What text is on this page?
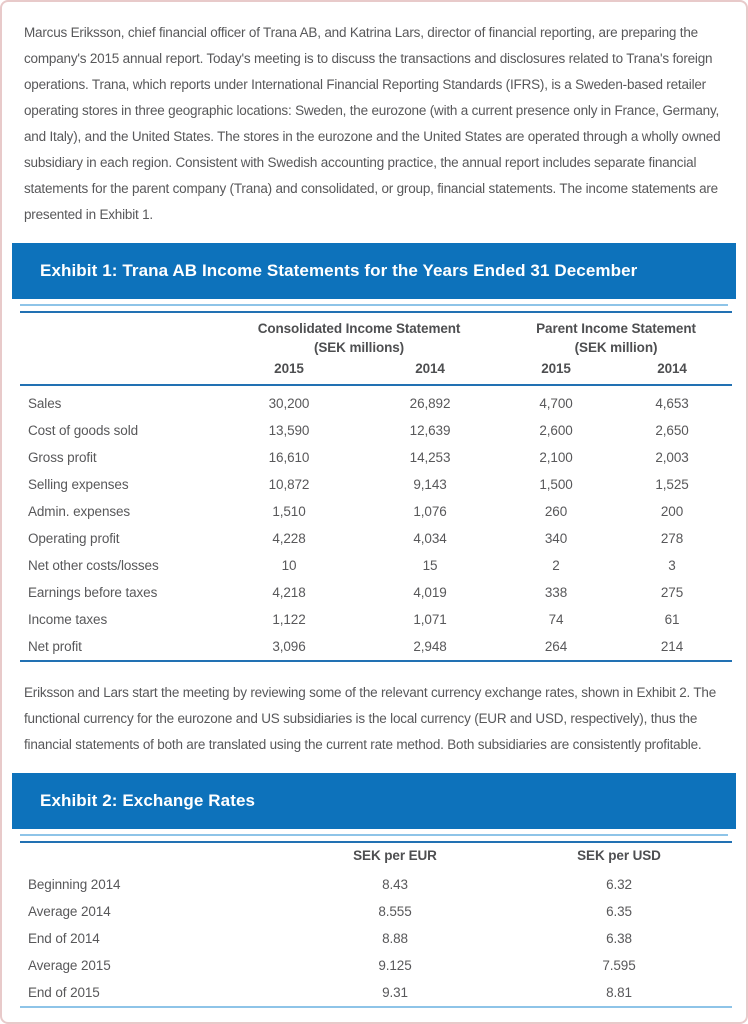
Marcus Eriksson, chief financial officer of Trana AB, and Katrina Lars, director of financial reporting, are preparing the company's 2015 annual report. Today's meeting is to discuss the transactions and disclosures related to Trana's foreign operations. Trana, which reports under International Financial Reporting Standards (IFRS), is a Sweden-based retailer operating stores in three geographic locations: Sweden, the eurozone (with a current presence only in France, Germany, and Italy), and the United States. The stores in the eurozone and the United States are operated through a wholly owned subsidiary in each region. Consistent with Swedish accounting practice, the annual report includes separate financial statements for the parent company (Trana) and consolidated, or group, financial statements. The income statements are presented in Exhibit 1.

Exhibit 1: Trana AB Income Statements for the Years Ended 31 December
	Consolidated Income Statement		Parent Income Statement	
	(SEK millions)		(SEK million)	
	2015	2014	2015	2014
Sales	30,200	26,892	4,700	4,653
Cost of goods sold	13,590	12,639	2,600	2,650
Gross profit	16,610	14,253	2,100	2,003
Selling expenses	10,872	9,143	1,500	1,525
Admin. expenses	1,510	1,076	260	200
Operating profit	4,228	4,034	340	278
Net other costs/losses	10	15	2	3
Earnings before taxes	4,218	4,019	338	275
Income taxes	1,122	1,071	74	61
Net profit	3,096	2,948	264	214

Eriksson and Lars start the meeting by reviewing some of the relevant currency exchange rates, shown in Exhibit 2. The functional currency for the eurozone and US subsidiaries is the local currency (EUR and USD, respectively), thus the financial statements of both are translated using the current rate method. Both subsidiaries are consistently profitable.

Exhibit 2: Exchange Rates
	SEK per EUR	SEK per USD
Beginning 2014	8.43	6.32
Average 2014	8.555	6.35
End of 2014	8.88	6.38
Average 2015	9.125	7.595
End of 2015	9.31	8.81
